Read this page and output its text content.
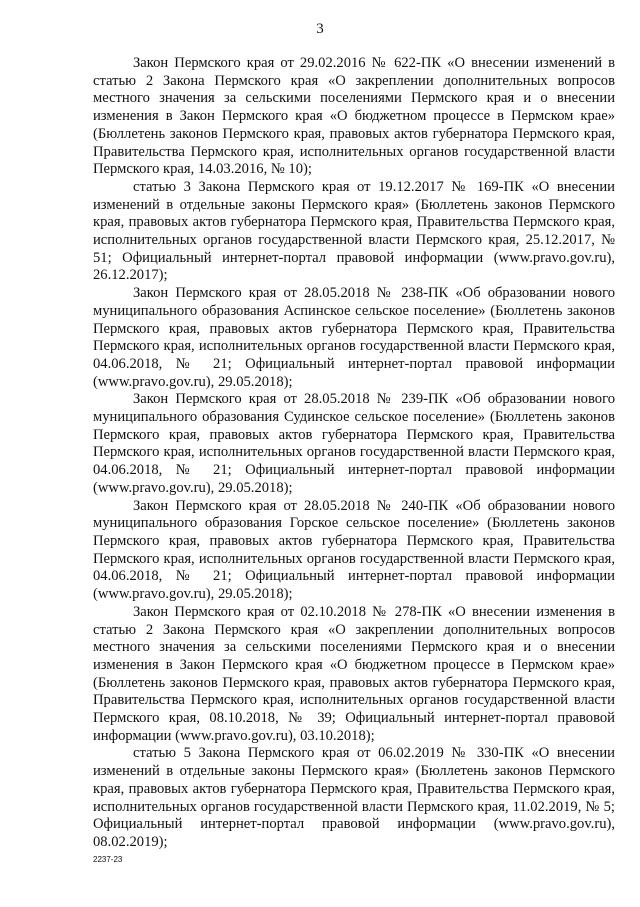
3

Закон Пермского края от 29.02.2016 № 622-ПК «О внесении изменений в статью 2 Закона Пермского края «О закреплении дополнительных вопросов местного значения за сельскими поселениями Пермского края и о внесении изменения в Закон Пермского края «О бюджетном процессе в Пермском крае» (Бюллетень законов Пермского края, правовых актов губернатора Пермского края, Правительства Пермского края, исполнительных органов государственной власти Пермского края, 14.03.2016, № 10);

статью 3 Закона Пермского края от 19.12.2017 № 169-ПК «О внесении изменений в отдельные законы Пермского края» (Бюллетень законов Пермского края, правовых актов губернатора Пермского края, Правительства Пермского края, исполнительных органов государственной власти Пермского края, 25.12.2017, № 51; Официальный интернет-портал правовой информации (www.pravo.gov.ru), 26.12.2017);

Закон Пермского края от 28.05.2018 № 238-ПК «Об образовании нового муниципального образования Аспинское сельское поселение» (Бюллетень законов Пермского края, правовых актов губернатора Пермского края, Правительства Пермского края, исполнительных органов государственной власти Пермского края, 04.06.2018, № 21; Официальный интернет-портал правовой информации (www.pravo.gov.ru), 29.05.2018);

Закон Пермского края от 28.05.2018 № 239-ПК «Об образовании нового муниципального образования Судинское сельское поселение» (Бюллетень законов Пермского края, правовых актов губернатора Пермского края, Правительства Пермского края, исполнительных органов государственной власти Пермского края, 04.06.2018, № 21; Официальный интернет-портал правовой информации (www.pravo.gov.ru), 29.05.2018);

Закон Пермского края от 28.05.2018 № 240-ПК «Об образовании нового муниципального образования Горское сельское поселение» (Бюллетень законов Пермского края, правовых актов губернатора Пермского края, Правительства Пермского края, исполнительных органов государственной власти Пермского края, 04.06.2018, № 21; Официальный интернет-портал правовой информации (www.pravo.gov.ru), 29.05.2018);

Закон Пермского края от 02.10.2018 № 278-ПК «О внесении изменения в статью 2 Закона Пермского края «О закреплении дополнительных вопросов местного значения за сельскими поселениями Пермского края и о внесении изменения в Закон Пермского края «О бюджетном процессе в Пермском крае» (Бюллетень законов Пермского края, правовых актов губернатора Пермского края, Правительства Пермского края, исполнительных органов государственной власти Пермского края, 08.10.2018, № 39; Официальный интернет-портал правовой информации (www.pravo.gov.ru), 03.10.2018);

статью 5 Закона Пермского края от 06.02.2019 № 330-ПК «О внесении изменений в отдельные законы Пермского края» (Бюллетень законов Пермского края, правовых актов губернатора Пермского края, Правительства Пермского края, исполнительных органов государственной власти Пермского края, 11.02.2019, № 5; Официальный интернет-портал правовой информации (www.pravo.gov.ru), 08.02.2019);

2237-23
